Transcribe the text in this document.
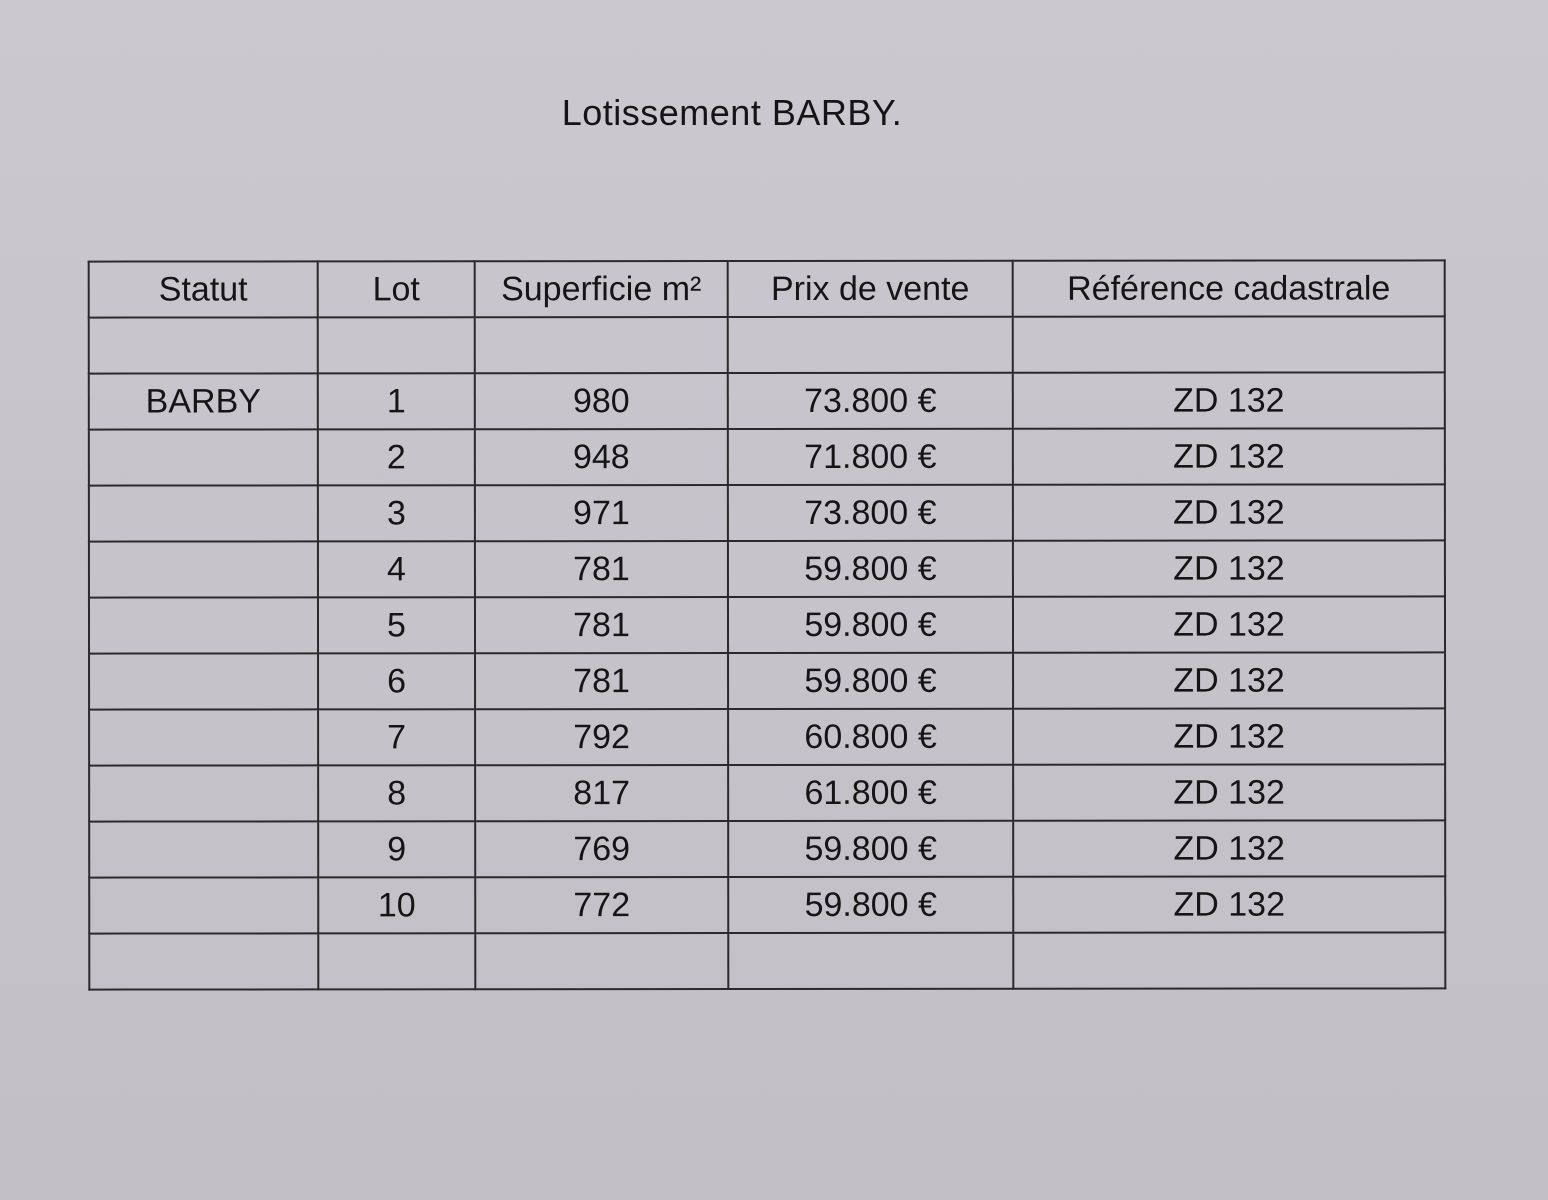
Lotissement BARBY.
Statut	Lot	Superficie m²	Prix de vente	Référence cadastrale

BARBY	1	980	73.800 €	ZD 132
	2	948	71.800 €	ZD 132
	3	971	73.800 €	ZD 132
	4	781	59.800 €	ZD 132
	5	781	59.800 €	ZD 132
	6	781	59.800 €	ZD 132
	7	792	60.800 €	ZD 132
	8	817	61.800 €	ZD 132
	9	769	59.800 €	ZD 132
	10	772	59.800 €	ZD 132
